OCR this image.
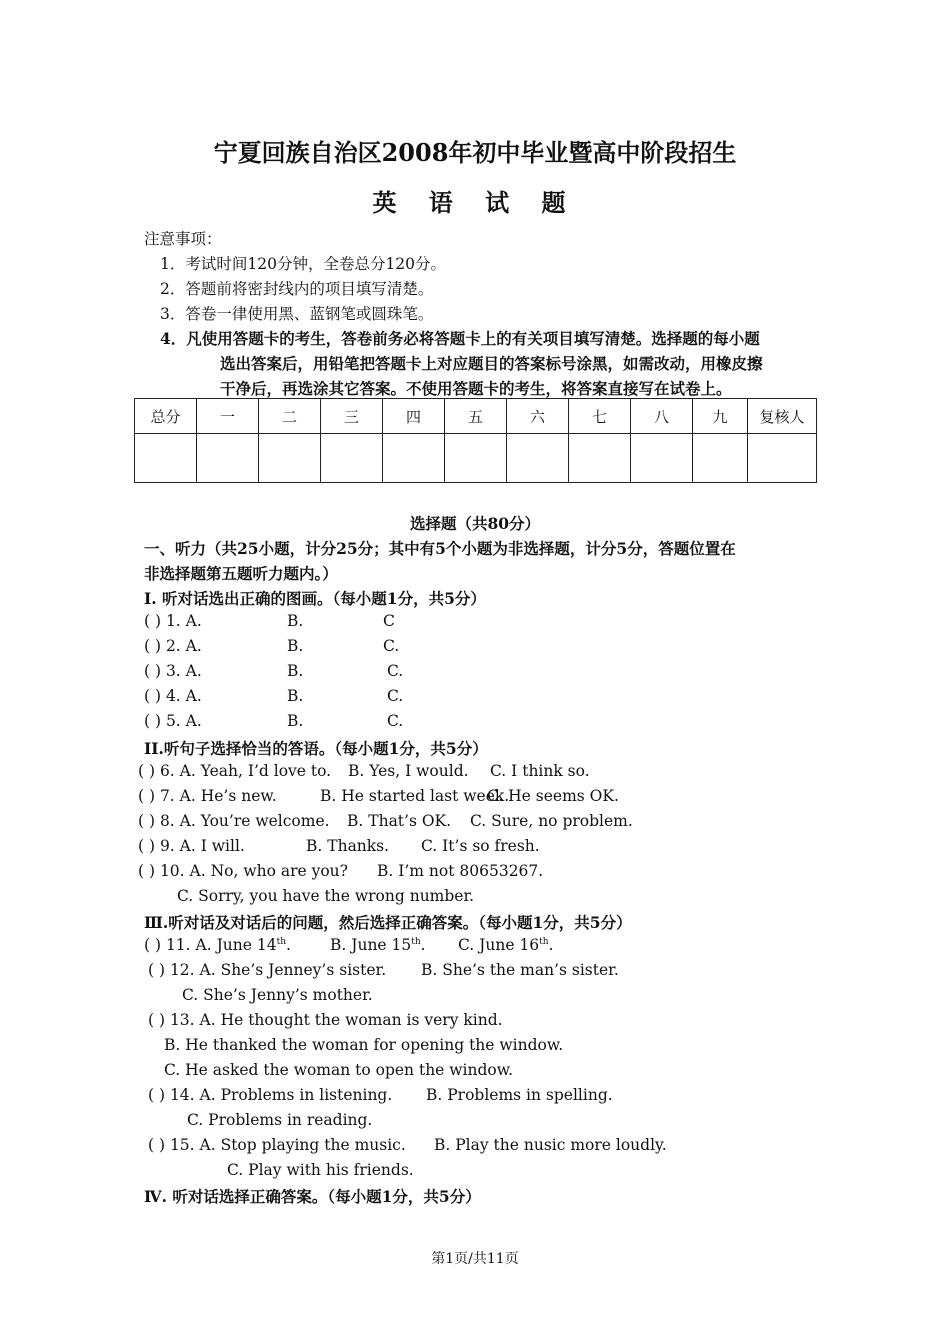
宁夏回族自治区2008年初中毕业暨高中阶段招生
英 语 试 题
注意事项：
1．考试时间120分钟，全卷总分120分。
2．答题前将密封线内的项目填写清楚。
3．答卷一律使用黑、蓝钢笔或圆珠笔。
4．凡使用答题卡的考生，答卷前务必将答题卡上的有关项目填写清楚。选择题的每小题
选出答案后，用铅笔把答题卡上对应题目的答案标号涂黑，如需改动，用橡皮擦
干净后，再选涂其它答案。不使用答题卡的考生，将答案直接写在试卷上。
总分	一	二	三	四	五	六	七	八	九	复核人

选择题（共80分）
一、听力（共25小题，计分25分；其中有5个小题为非选择题，计分5分，答题位置在
非选择题第五题听力题内。）
I. 听对话选出正确的图画。（每小题1分，共5分）
( ) 1. A.	B.	C
( ) 2. A.	B.	C.
( ) 3. A.	B.	C.
( ) 4. A.	B.	C.
( ) 5. A.	B.	C.
II.听句子选择恰当的答语。（每小题1分，共5分）
( ) 6. A. Yeah, I’d love to. B. Yes, I would. C. I think so.
( ) 7. A. He’s new.	B. He started last week.
C. He seems OK.
( ) 8. A. You’re welcome. B. That’s OK. C. Sure, no problem.
( ) 9. A. I will.	B. Thanks. C. It’s so fresh.
( ) 10. A. No, who are you? B. I’m not 80653267.
C. Sorry, you have the wrong number.
Ⅲ.听对话及对话后的问题，然后选择正确答案。（每小题1分，共5分）
( ) 11. A. June 14th.	B. June 15th. C. June 16th.
( ) 12. A. She’s Jenney’s sister. B. She’s the man’s sister.
C. She’s Jenny’s mother.
( ) 13. A. He thought the woman is very kind.
B. He thanked the woman for opening the window.
C. He asked the woman to open the window.
( ) 14. A. Problems in listening. B. Problems in spelling.
C. Problems in reading.
( ) 15. A. Stop playing the music. B. Play the nusic more loudly.
C. Play with his friends.
Ⅳ. 听对话选择正确答案。（每小题1分，共5分）
第1页/共11页
